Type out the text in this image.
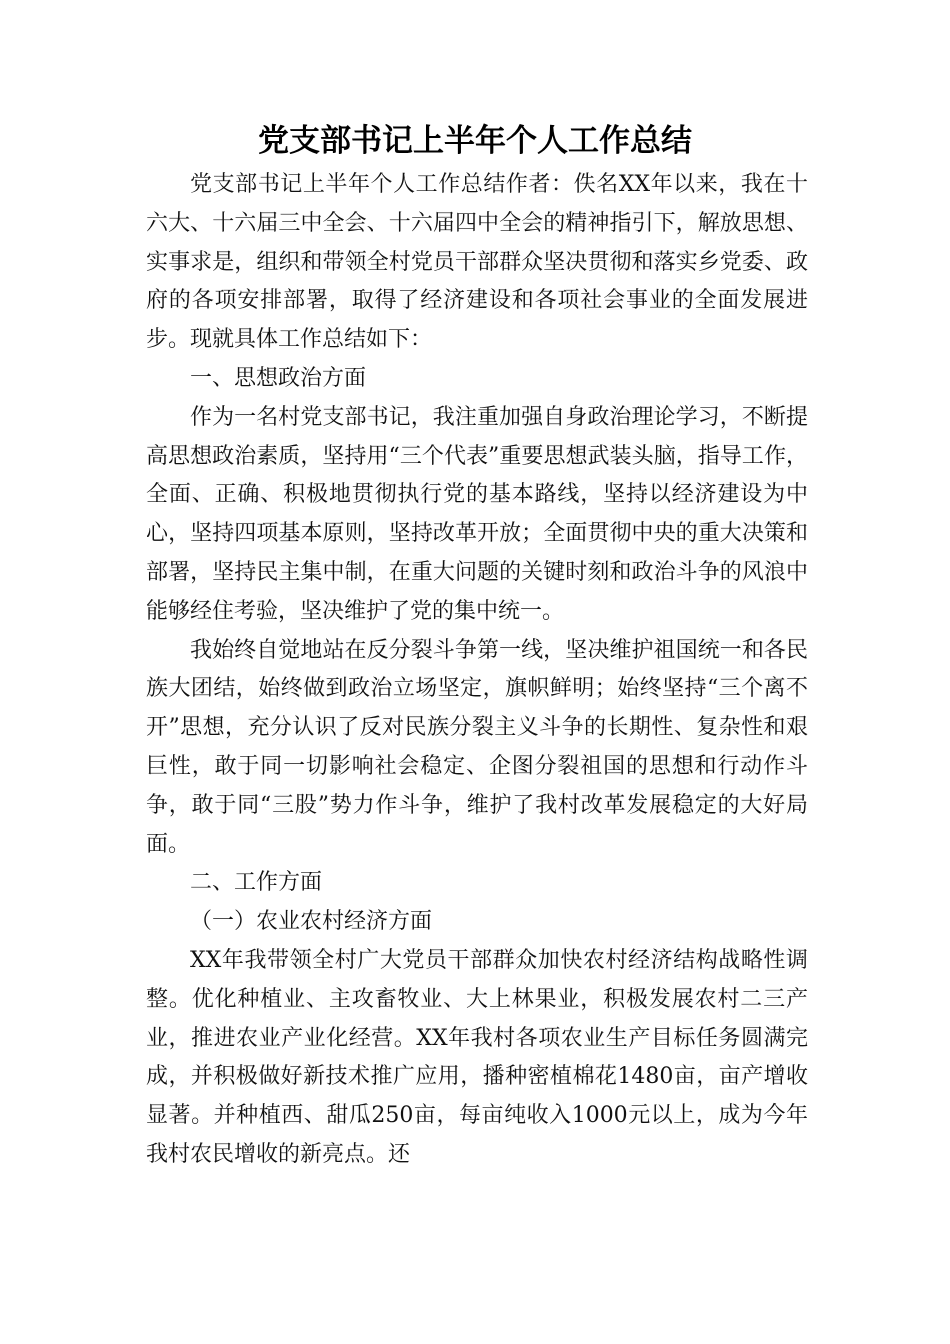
党支部书记上半年个人工作总结

党支部书记上半年个人工作总结作者：佚名XX年以来，我在十六大、十六届三中全会、十六届四中全会的精神指引下，解放思想、实事求是，组织和带领全村党员干部群众坚决贯彻和落实乡党委、政府的各项安排部署，取得了经济建设和各项社会事业的全面发展进步。现就具体工作总结如下：

一、思想政治方面

作为一名村党支部书记，我注重加强自身政治理论学习，不断提高思想政治素质，坚持用“三个代表”重要思想武装头脑，指导工作，全面、正确、积极地贯彻执行党的基本路线，坚持以经济建设为中心，坚持四项基本原则，坚持改革开放；全面贯彻中央的重大决策和部署，坚持民主集中制，在重大问题的关键时刻和政治斗争的风浪中能够经住考验，坚决维护了党的集中统一。

我始终自觉地站在反分裂斗争第一线，坚决维护祖国统一和各民族大团结，始终做到政治立场坚定，旗帜鲜明；始终坚持“三个离不开”思想，充分认识了反对民族分裂主义斗争的长期性、复杂性和艰巨性，敢于同一切影响社会稳定、企图分裂祖国的思想和行动作斗争，敢于同“三股”势力作斗争，维护了我村改革发展稳定的大好局面。

二、工作方面

（一）农业农村经济方面

XX年我带领全村广大党员干部群众加快农村经济结构战略性调整。优化种植业、主攻畜牧业、大上林果业，积极发展农村二三产业，推进农业产业化经营。XX年我村各项农业生产目标任务圆满完成，并积极做好新技术推广应用，播种密植棉花1480亩，亩产增收显著。并种植西、甜瓜250亩，每亩纯收入1000元以上，成为今年我村农民增收的新亮点。还
